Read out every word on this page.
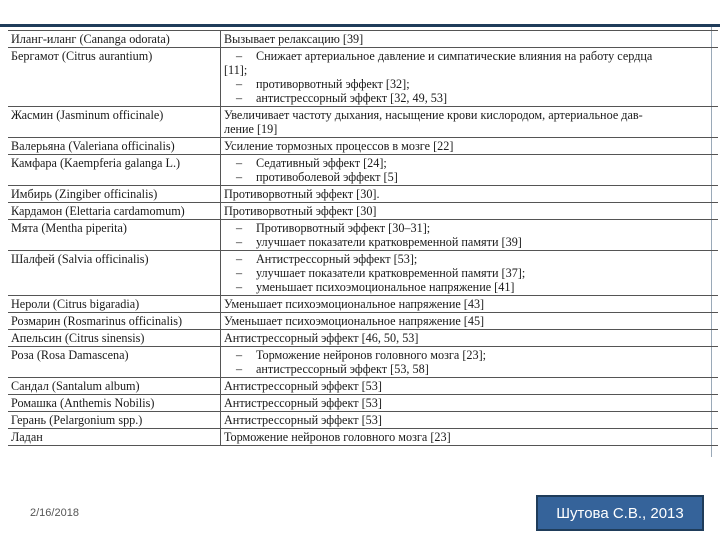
Иланг-иланг (Cananga odorata)	Вызывает релаксацию [39]

Бергамот (Citrus aurantium)	– Снижает артериальное давление и симпатические влияния на работу сердца
[11];
– противорвотный эффект [32];
– антистрессорный эффект [32, 49, 53]

Жасмин (Jasminum officinale)	Увеличивает частоту дыхания, насыщение крови кислородом, артериальное дав-
ление [19]

Валерьяна (Valeriana officinalis)	Усиление тормозных процессов в мозге [22]

Камфара (Kaempferia galanga L.)	– Седативный эффект [24];
– противоболевой эффект [5]

Имбирь (Zingiber officinalis)	Противорвотный эффект [30].

Кардамон (Elettaria cardamomum)	Противорвотный эффект [30]

Мята (Mentha piperita)	– Противорвотный эффект [30–31];
– улучшает показатели кратковременной памяти [39]

Шалфей (Salvia officinalis)	– Антистрессорный эффект [53];
– улучшает показатели кратковременной памяти [37];
– уменьшает психоэмоциональное напряжение [41]

Нероли (Citrus bigaradia)	Уменьшает психоэмоциональное напряжение [43]

Розмарин (Rosmarinus officinalis)	Уменьшает психоэмоциональное напряжение [45]

Апельсин (Citrus sinensis)	Антистрессорный эффект [46, 50, 53]

Роза (Rosa Damascena)	– Торможение нейронов головного мозга [23];
– антистрессорный эффект [53, 58]

Сандал (Santalum album)	Антистрессорный эффект [53]

Ромашка (Anthemis Nobilis)	Антистрессорный эффект [53]

Герань (Pelargonium spp.)	Антистрессорный эффект [53]

Ладан	Торможение нейронов головного мозга [23]
2/16/2018	Шутова С.В., 2013
